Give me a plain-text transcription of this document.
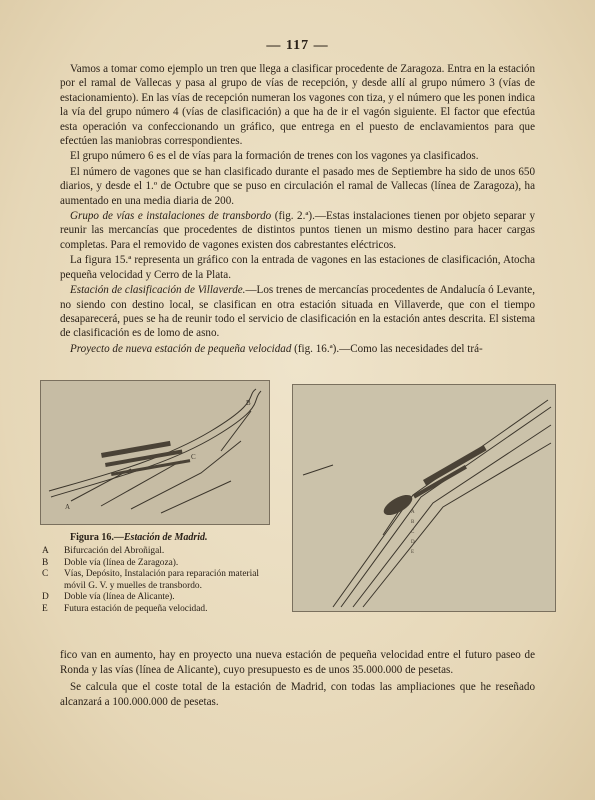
— 117 —

Vamos a tomar como ejemplo un tren que llega a clasificar procedente de Zaragoza. Entra en la estación por el ramal de Vallecas y pasa al grupo de vías de recepción, y desde allí al grupo número 3 (vías de estacionamiento). En las vías de recepción numeran los vagones con tiza, y el número que les ponen indica la vía del grupo número 4 (vías de clasificación) a que ha de ir el vagón siguiente. El factor que efectúa esta operación va confeccionando un gráfico, que entrega en el puesto de enclavamientos para que efectúen las maniobras correspondientes.

El grupo número 6 es el de vías para la formación de trenes con los vagones ya clasificados.

El número de vagones que se han clasificado durante el pasado mes de Septiembre ha sido de unos 650 diarios, y desde el 1.º de Octubre que se puso en circulación el ramal de Vallecas (línea de Zaragoza), ha aumentado en una media diaria de 200.

Grupo de vías e instalaciones de transbordo (fig. 2.ª).—Estas instalaciones tienen por objeto separar y reunir las mercancías que procedentes de distintos puntos tienen un mismo destino para hacer cargas completas. Para el removido de vagones existen dos cabrestantes eléctricos.

La figura 15.ª representa un gráfico con la entrada de vagones en las estaciones de clasificación, Atocha pequeña velocidad y Cerro de la Plata.

Estación de clasificación de Villaverde.—Los trenes de mercancías procedentes de Andalucía ó Levante, no siendo con destino local, se clasifican en otra estación situada en Villaverde, que con el tiempo desaparecerá, pues se ha de reunir todo el servicio de clasificación en la estación antes descrita. El sistema de clasificación es de lomo de asno.

Proyecto de nueva estación de pequeña velocidad (fig. 16.ª).—Como las necesidades del trá-

A
B
C
Figura 16.—Estación de Madrid.
A	Bifurcación del Abroñigal.
B	Doble vía (línea de Zaragoza).
C	Vías, Depósito, Instalación para reparación material móvil G. V. y muelles de transbordo.
D	Doble vía (línea de Alicante).
E	Futura estación de pequeña velocidad.
A
B
C
D
E

fico van en aumento, hay en proyecto una nueva estación de pequeña velocidad entre el futuro paseo de Ronda y las vías (línea de Alicante), cuyo presupuesto es de unos 35.000.000 de pesetas.

Se calcula que el coste total de la estación de Madrid, con todas las ampliaciones que he reseñado alcanzará a 100.000.000 de pesetas.
